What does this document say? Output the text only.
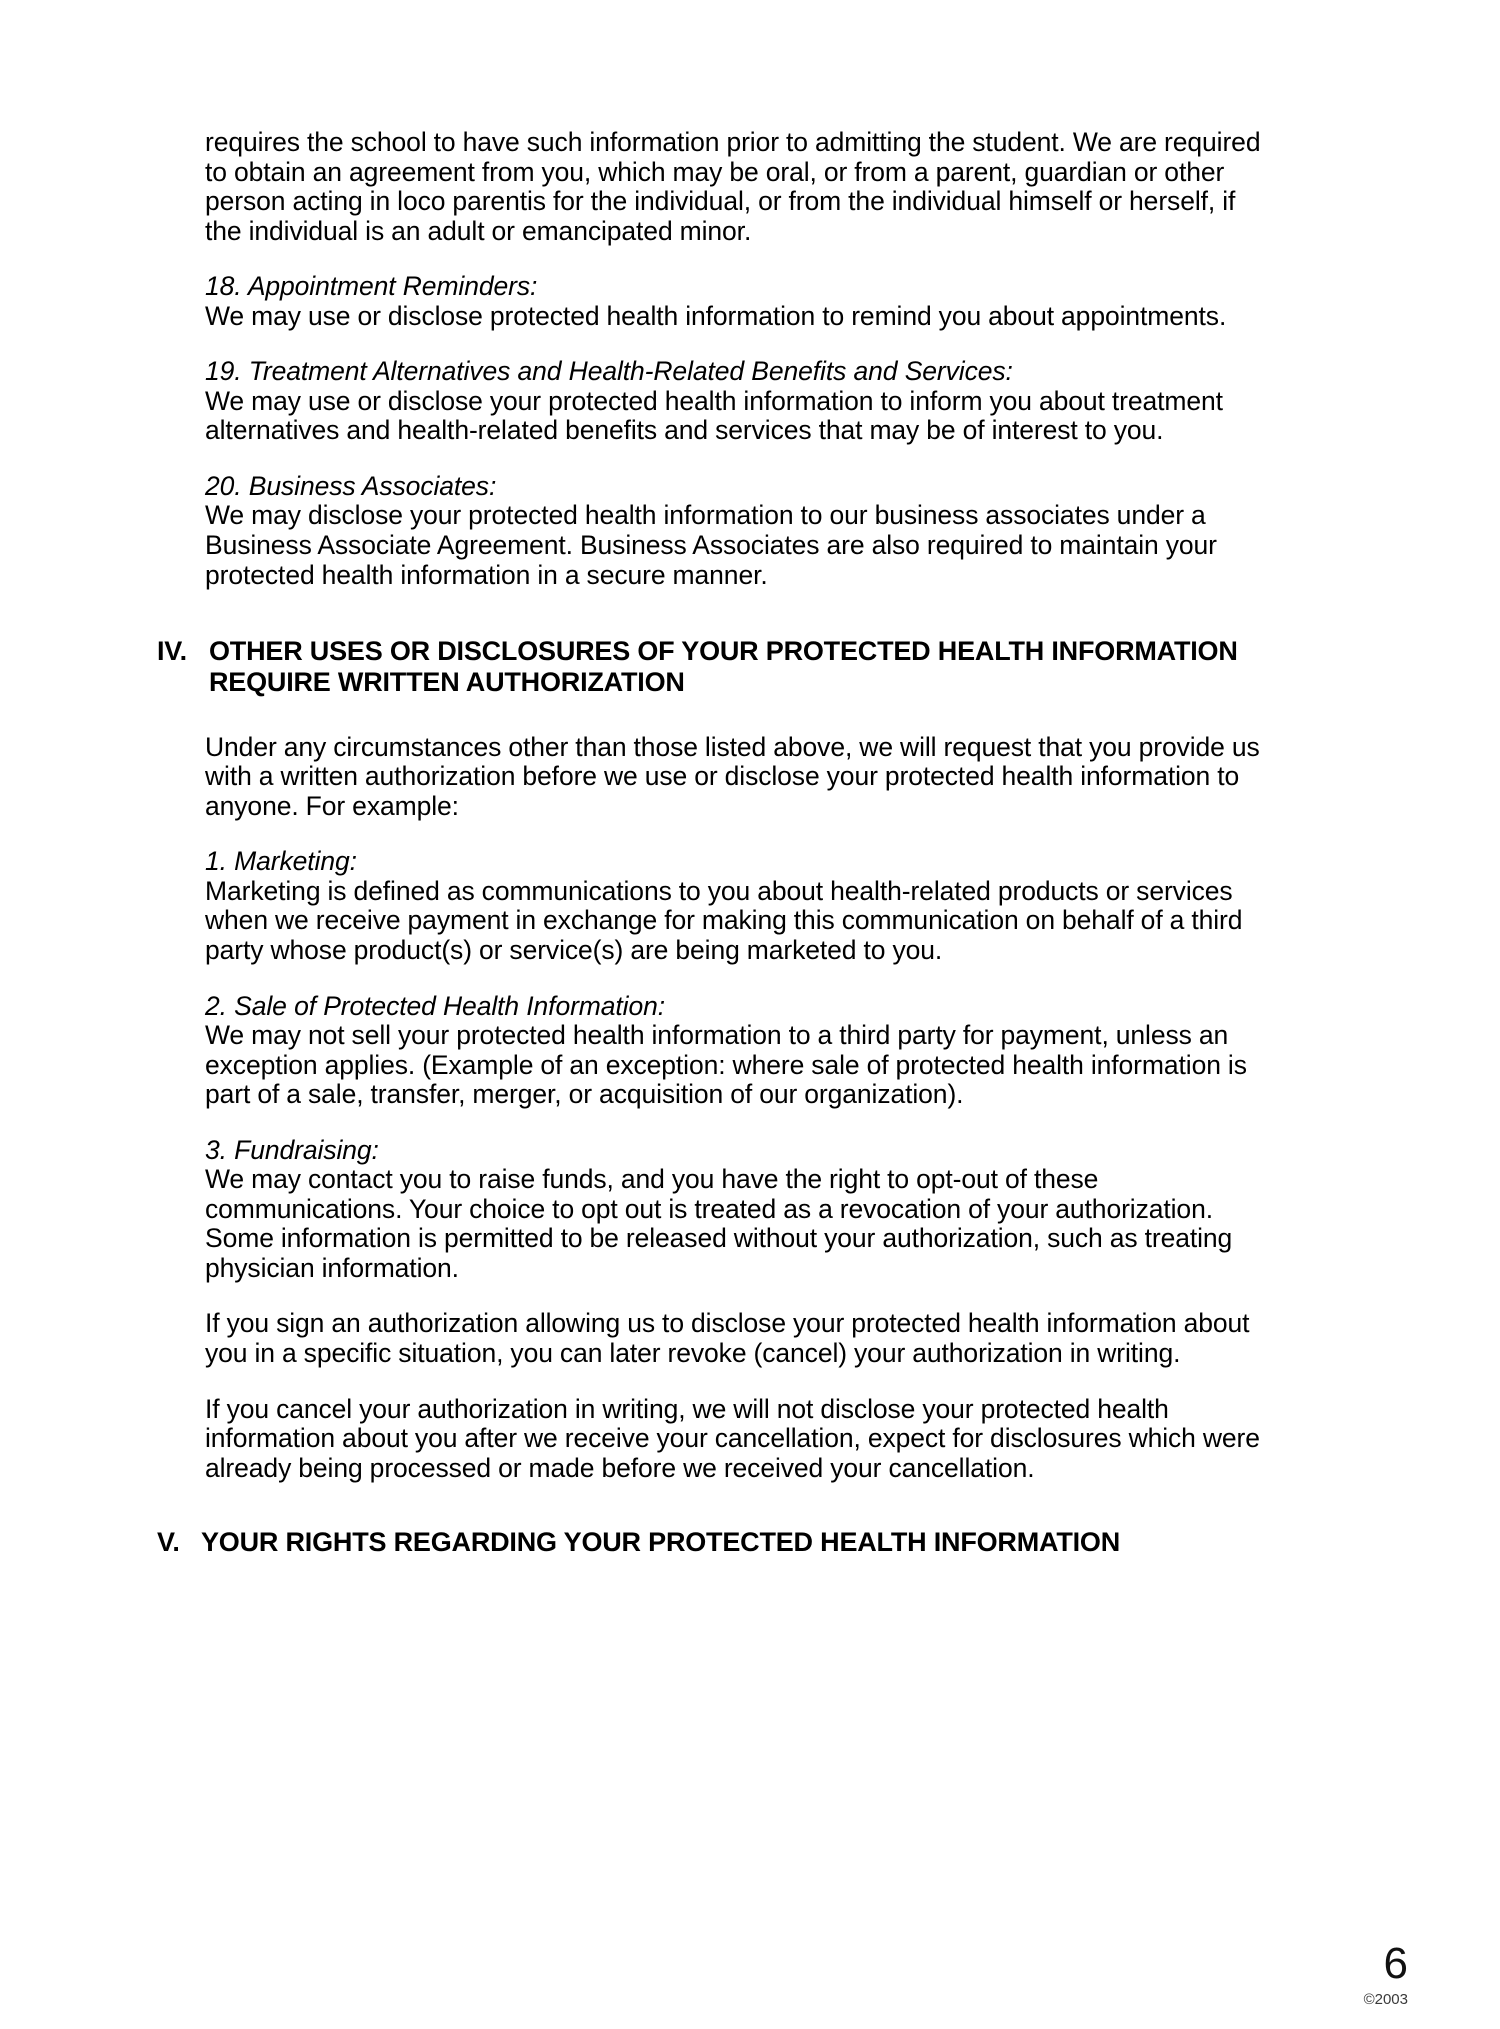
requires the school to have such information prior to admitting the student. We are required to obtain an agreement from you, which may be oral, or from a parent, guardian or other person acting in loco parentis for the individual, or from the individual himself or herself, if the individual is an adult or emancipated minor.

18. Appointment Reminders:

We may use or disclose protected health information to remind you about appointments.

19. Treatment Alternatives and Health-Related Benefits and Services:

We may use or disclose your protected health information to inform you about treatment alternatives and health-related benefits and services that may be of interest to you.

20. Business Associates:

We may disclose your protected health information to our business associates under a Business Associate Agreement. Business Associates are also required to maintain your protected health information in a secure manner.

IV. OTHER USES OR DISCLOSURES OF YOUR PROTECTED HEALTH INFORMATION REQUIRE WRITTEN AUTHORIZATION

Under any circumstances other than those listed above, we will request that you provide us with a written authorization before we use or disclose your protected health information to anyone. For example:

1. Marketing:

Marketing is defined as communications to you about health-related products or services when we receive payment in exchange for making this communication on behalf of a third party whose product(s) or service(s) are being marketed to you.

2. Sale of Protected Health Information:

We may not sell your protected health information to a third party for payment, unless an exception applies. (Example of an exception: where sale of protected health information is part of a sale, transfer, merger, or acquisition of our organization).

3. Fundraising:

We may contact you to raise funds, and you have the right to opt-out of these communications. Your choice to opt out is treated as a revocation of your authorization. Some information is permitted to be released without your authorization, such as treating physician information.

If you sign an authorization allowing us to disclose your protected health information about you in a specific situation, you can later revoke (cancel) your authorization in writing.

If you cancel your authorization in writing, we will not disclose your protected health information about you after we receive your cancellation, expect for disclosures which were already being processed or made before we received your cancellation.

V. YOUR RIGHTS REGARDING YOUR PROTECTED HEALTH INFORMATION
6
©2003
